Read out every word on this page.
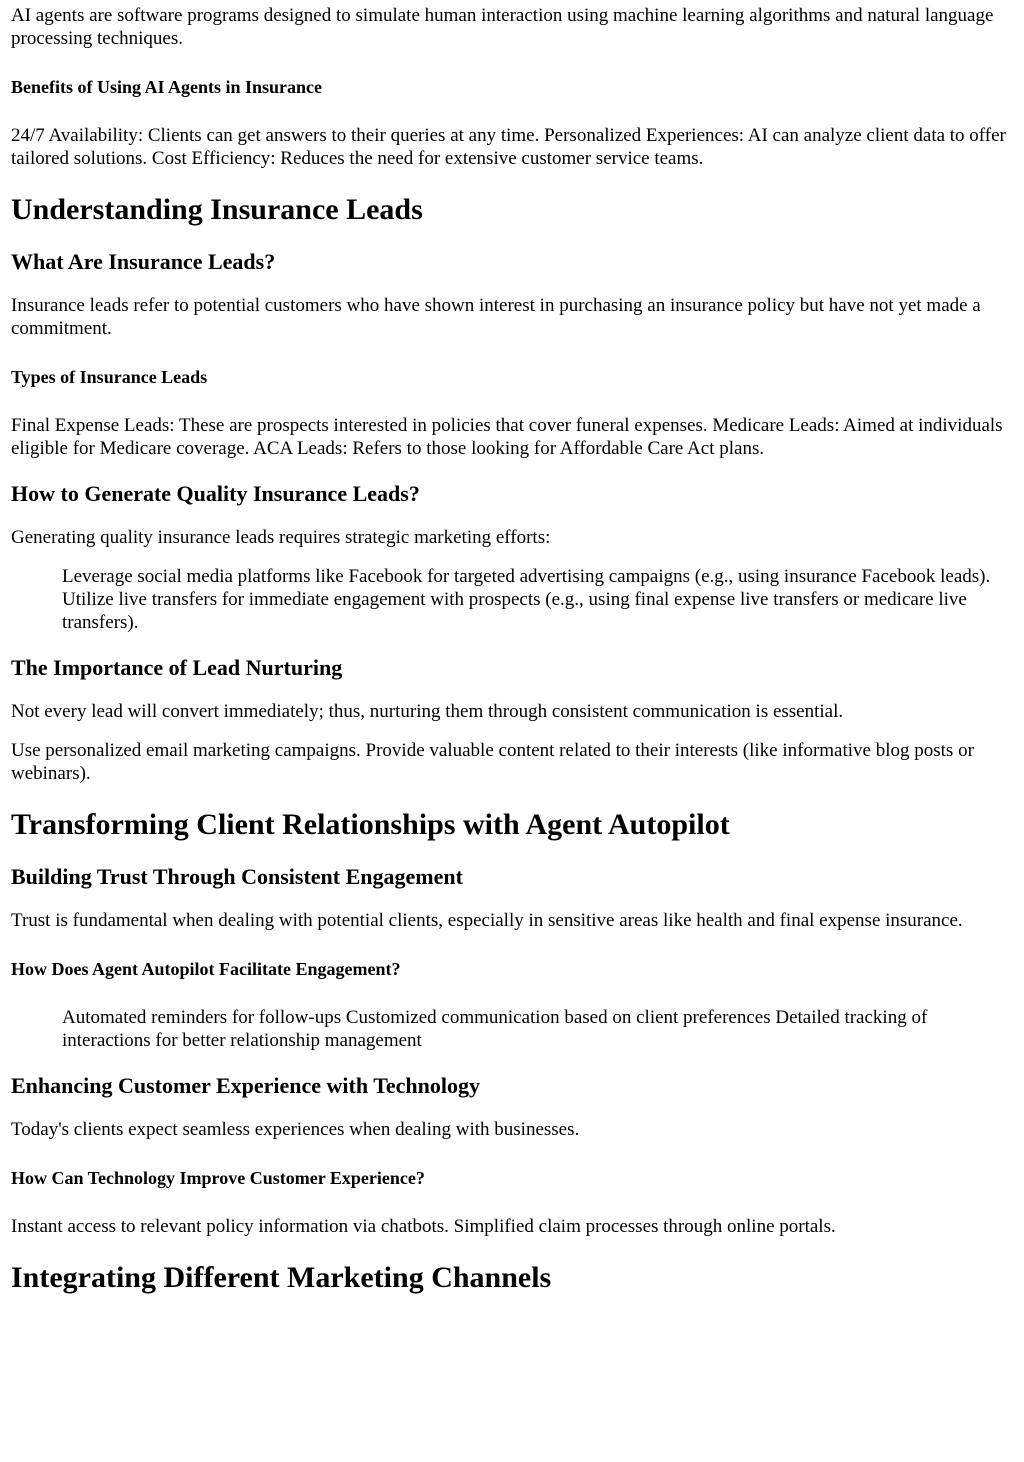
AI agents are software programs designed to simulate human interaction using machine learning algorithms and natural language processing techniques.

Benefits of Using AI Agents in Insurance

24/7 Availability: Clients can get answers to their queries at any time. Personalized Experiences: AI can analyze client data to offer tailored solutions. Cost Efficiency: Reduces the need for extensive customer service teams.

Understanding Insurance Leads
What Are Insurance Leads?

Insurance leads refer to potential customers who have shown interest in purchasing an insurance policy but have not yet made a commitment.

Types of Insurance Leads

Final Expense Leads: These are prospects interested in policies that cover funeral expenses. Medicare Leads: Aimed at individuals eligible for Medicare coverage. ACA Leads: Refers to those looking for Affordable Care Act plans.

How to Generate Quality Insurance Leads?

Generating quality insurance leads requires strategic marketing efforts:

Leverage social media platforms like Facebook for targeted advertising campaigns (e.g., using insurance Facebook leads). Utilize live transfers for immediate engagement with prospects (e.g., using final expense live transfers or medicare live transfers).
The Importance of Lead Nurturing

Not every lead will convert immediately; thus, nurturing them through consistent communication is essential.

Use personalized email marketing campaigns. Provide valuable content related to their interests (like informative blog posts or webinars).

Transforming Client Relationships with Agent Autopilot
Building Trust Through Consistent Engagement

Trust is fundamental when dealing with potential clients, especially in sensitive areas like health and final expense insurance.

How Does Agent Autopilot Facilitate Engagement?
Automated reminders for follow-ups Customized communication based on client preferences Detailed tracking of interactions for better relationship management
Enhancing Customer Experience with Technology

Today's clients expect seamless experiences when dealing with businesses.

How Can Technology Improve Customer Experience?

Instant access to relevant policy information via chatbots. Simplified claim processes through online portals.

Integrating Different Marketing Channels
